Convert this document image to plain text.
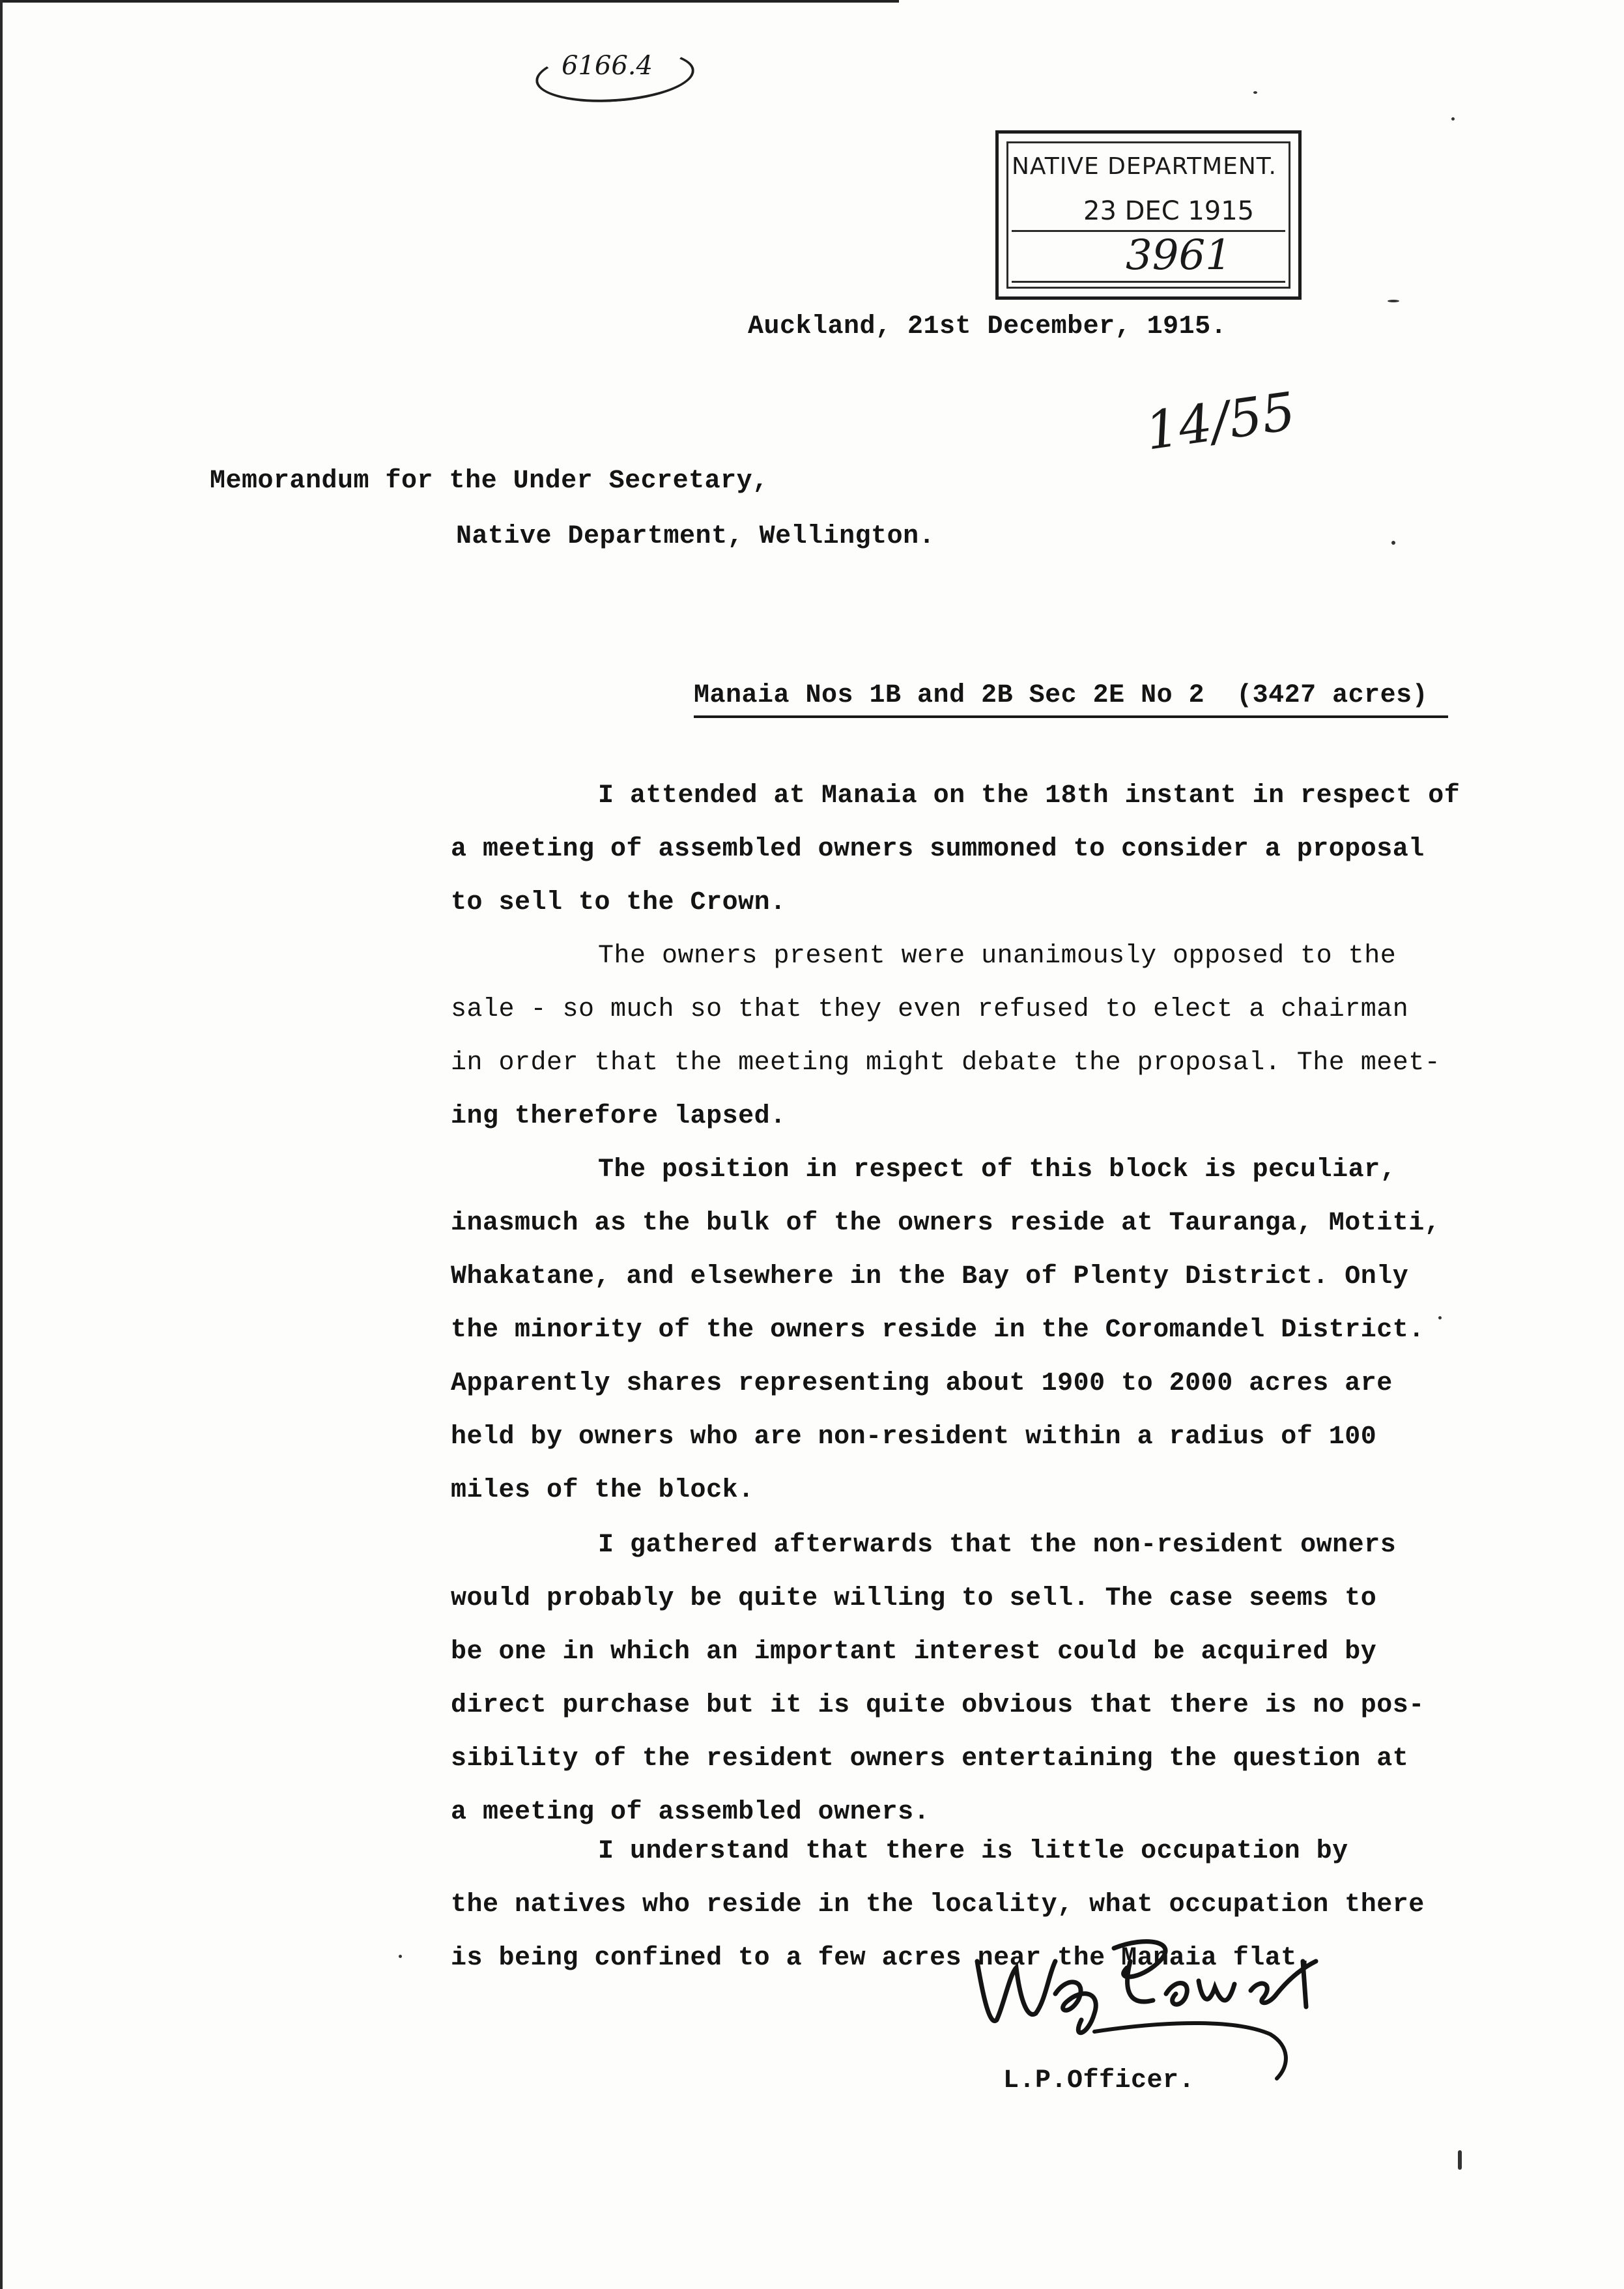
6166.4
NATIVE DEPARTMENT.
23 DEC 1915
3961
Auckland, 21st December, 1915.
14/55
Memorandum for the Under Secretary,
Native Department, Wellington.
Manaia Nos 1B and 2B Sec 2E No 2  (3427 acres)
I attended at Manaia on the 18th instant in respect of
a meeting of assembled owners summoned to consider a proposal
to sell to the Crown.
The owners present were unanimously opposed to the
sale - so much so that they even refused to elect a chairman
in order that the meeting might debate the proposal. The meet-
ing therefore lapsed.
The position in respect of this block is peculiar,
inasmuch as the bulk of the owners reside at Tauranga, Motiti,
Whakatane, and elsewhere in the Bay of Plenty District. Only
the minority of the owners reside in the Coromandel District.
Apparently shares representing about 1900 to 2000 acres are
held by owners who are non-resident within a radius of 100
miles of the block.
I gathered afterwards that the non-resident owners
would probably be quite willing to sell. The case seems to
be one in which an important interest could be acquired by
direct purchase but it is quite obvious that there is no pos-
sibility of the resident owners entertaining the question at
a meeting of assembled owners.
I understand that there is little occupation by
the natives who reside in the locality, what occupation there
is being confined to a few acres near the Manaia flat.
L.P.Officer.
